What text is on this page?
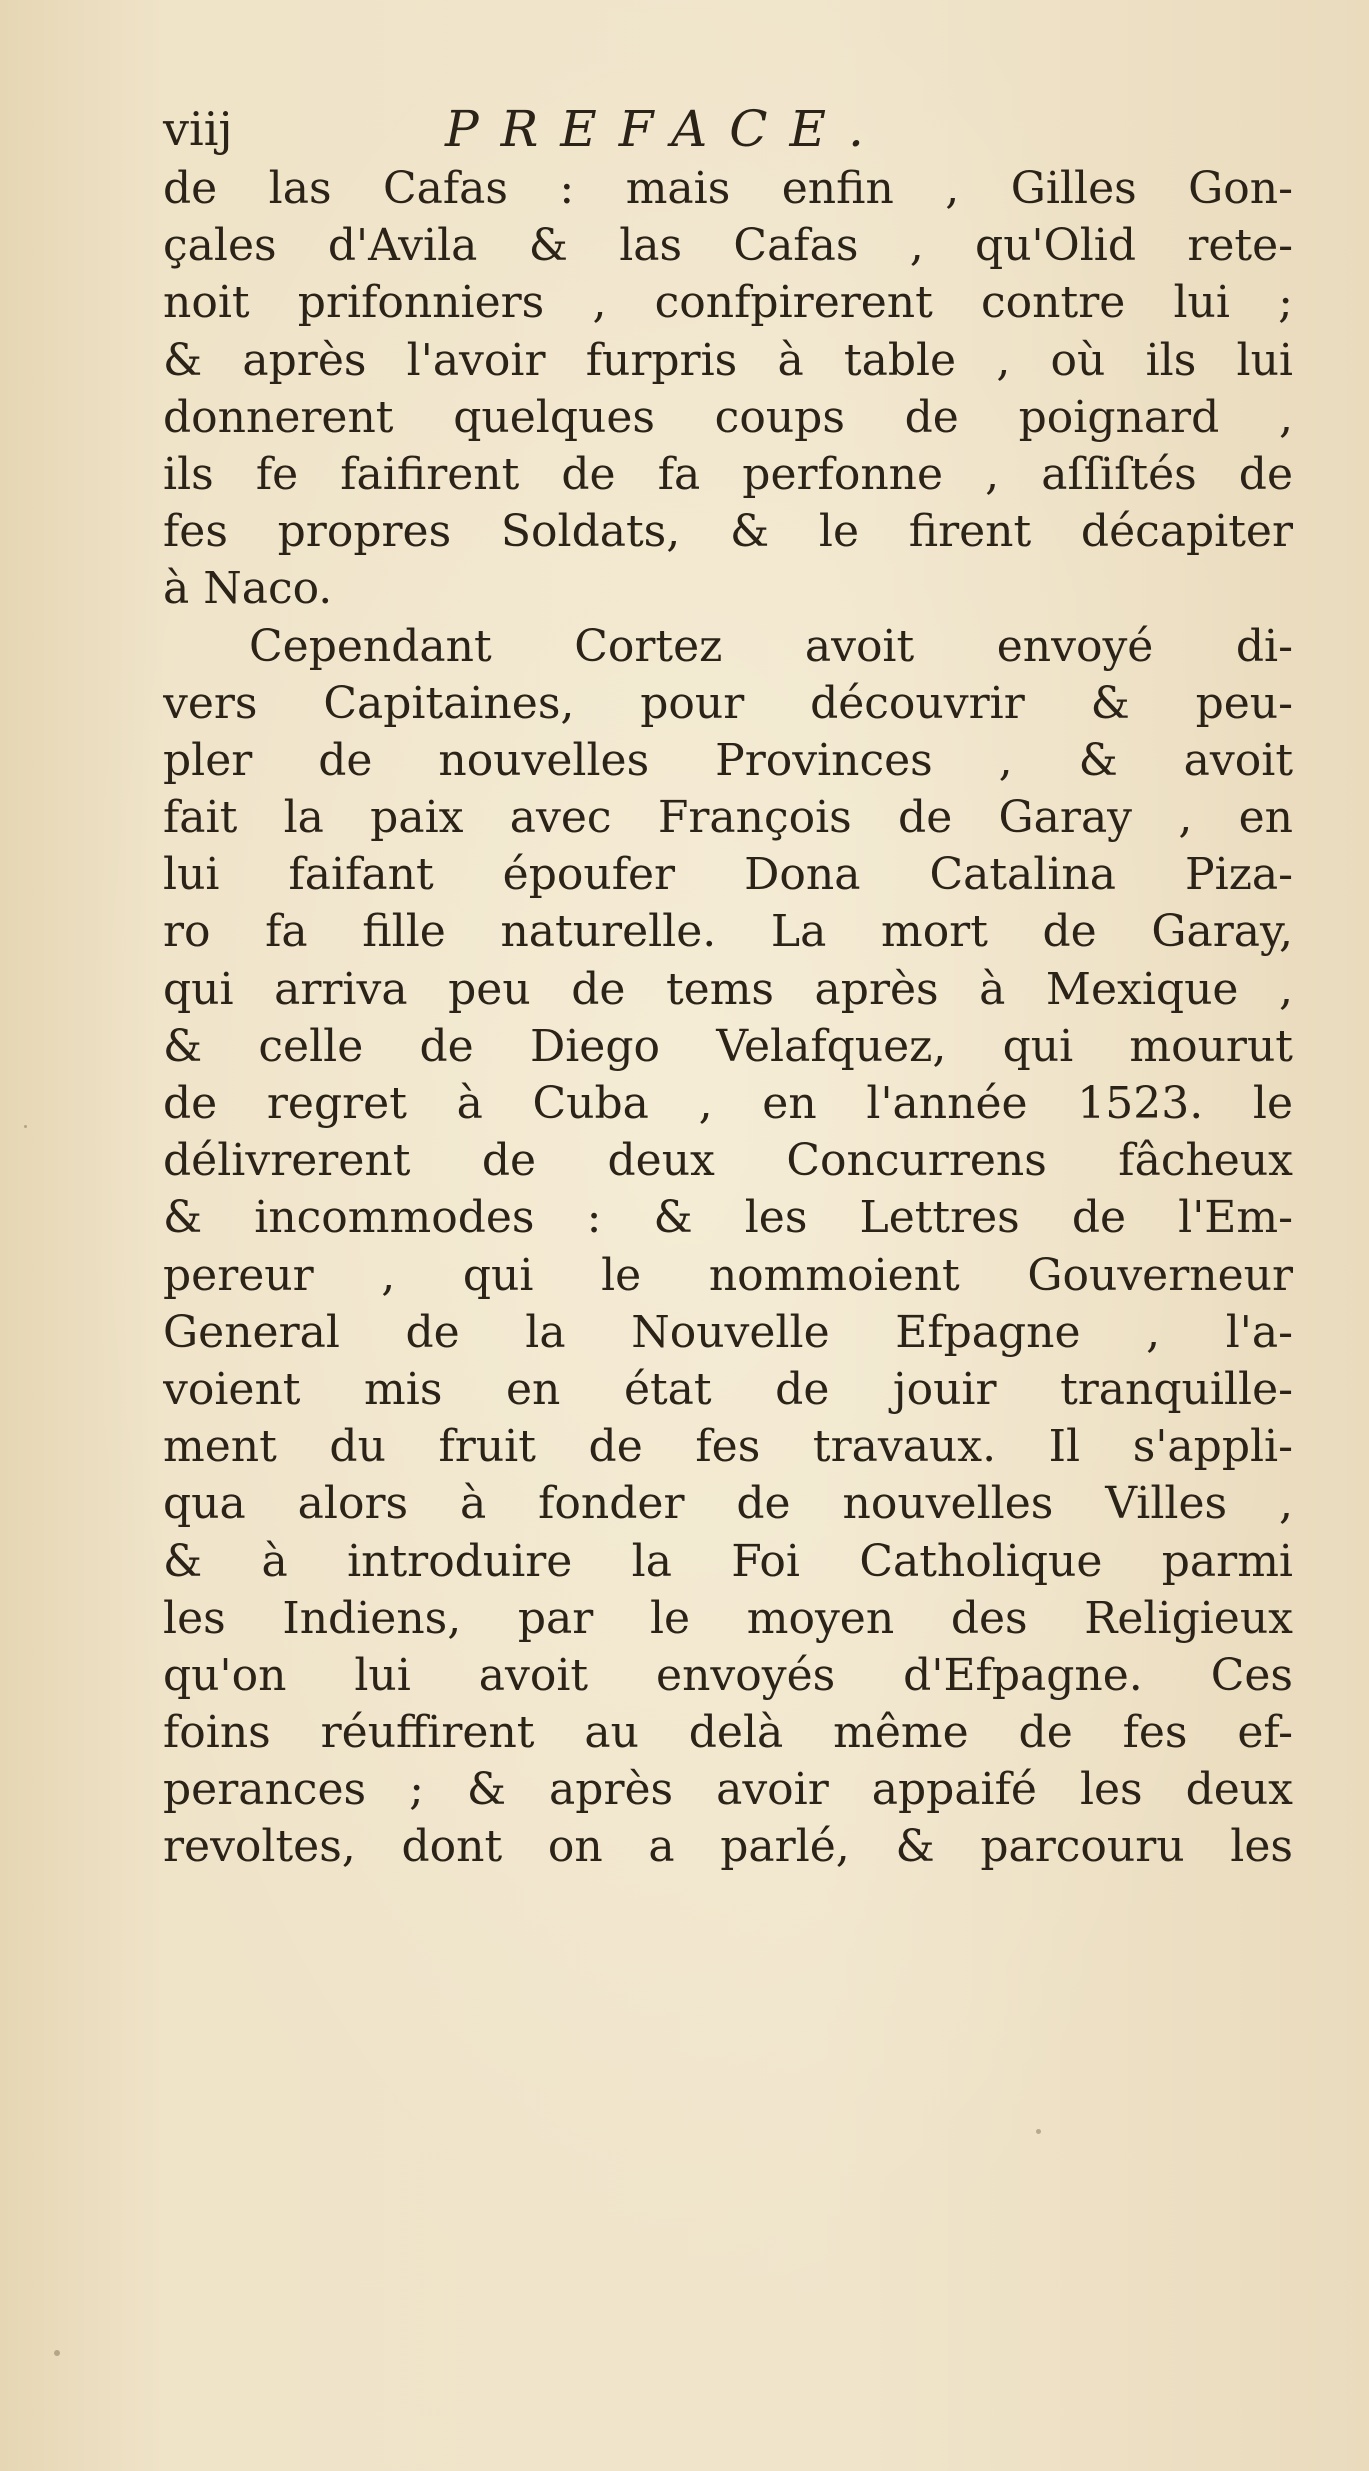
viij	PREFACE.
de las Cafas : mais enfin , Gilles Gon-
çales d'Avila & las Cafas , qu'Olid rete-
noit prifonniers , confpirerent contre lui ;
& après l'avoir furpris à table , où ils lui
donnerent quelques coups de poignard ,
ils fe faifirent de fa perfonne , aſſiſtés de
fes propres Soldats, & le firent décapiter
à Naco.
Cependant Cortez avoit envoyé di-
vers Capitaines, pour découvrir & peu-
pler de nouvelles Provinces , & avoit
fait la paix avec François de Garay , en
lui faifant époufer Dona Catalina Piza-
ro fa fille naturelle. La mort de Garay,
qui arriva peu de tems après à Mexique ,
& celle de Diego Velafquez, qui mourut
de regret à Cuba , en l'année 1523. le
délivrerent de deux Concurrens fâcheux
& incommodes : & les Lettres de l'Em-
pereur , qui le nommoient Gouverneur
General de la Nouvelle Efpagne , l'a-
voient mis en état de jouir tranquille-
ment du fruit de fes travaux. Il s'appli-
qua alors à fonder de nouvelles Villes ,
& à introduire la Foi Catholique parmi
les Indiens, par le moyen des Religieux
qu'on lui avoit envoyés d'Efpagne. Ces
foins réuffirent au delà même de fes ef-
perances ; & après avoir appaifé les deux
revoltes, dont on a parlé, & parcouru les
